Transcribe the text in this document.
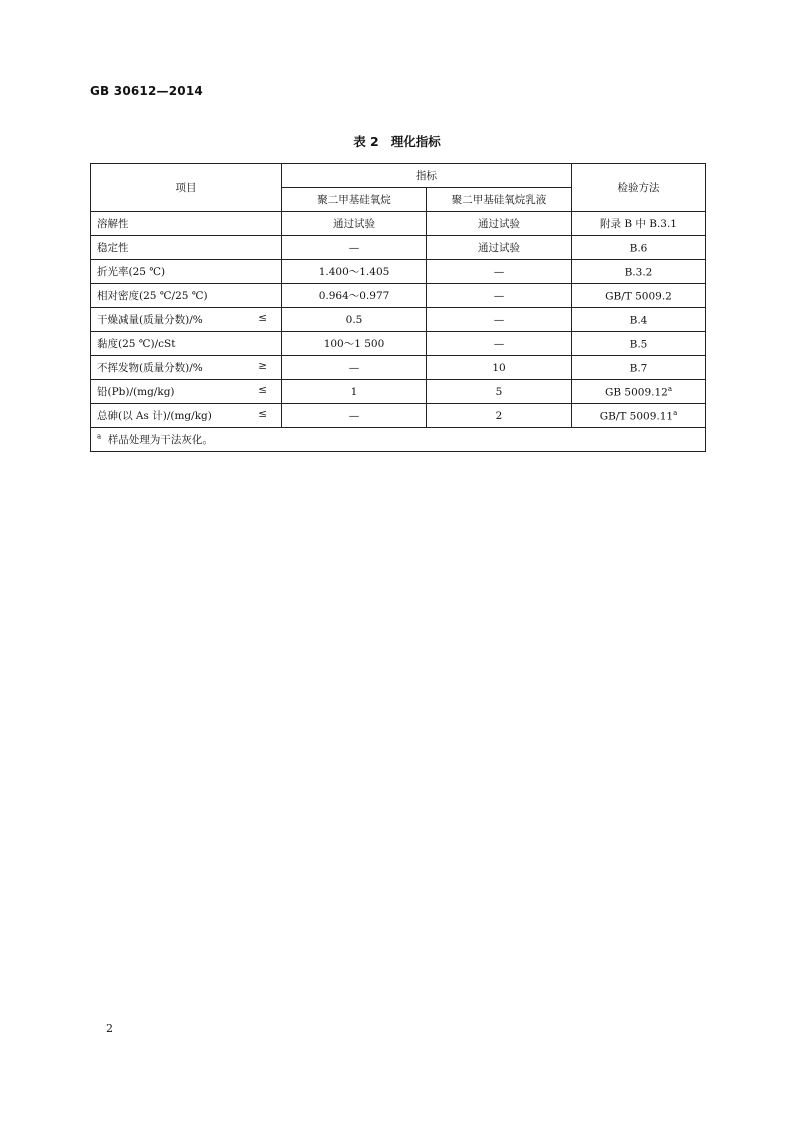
GB 30612—2014
表 2 理化指标
项目	指标		检验方法
	聚二甲基硅氧烷	聚二甲基硅氧烷乳液	

溶解性	通过试验	通过试验	附录 B 中 B.3.1

稳定性	—	通过试验	B.6

折光率(25 ℃)	1.400～1.405	—	B.3.2

相对密度(25 ℃/25 ℃)	0.964～0.977	—	GB/T 5009.2

干燥减量(质量分数)/% ≤	0.5	—	B.4

黏度(25 ℃)/cSt	100～1 500	—	B.5

不挥发物(质量分数)/% ≥	—	10	B.7

铅(Pb)/(mg/kg) ≤	1	5	GB 5009.12$^a$

总砷(以 As 计)/(mg/kg) ≤	—	2	GB/T 5009.11$^a$
$^a$ 样品处理为干法灰化。			
2
